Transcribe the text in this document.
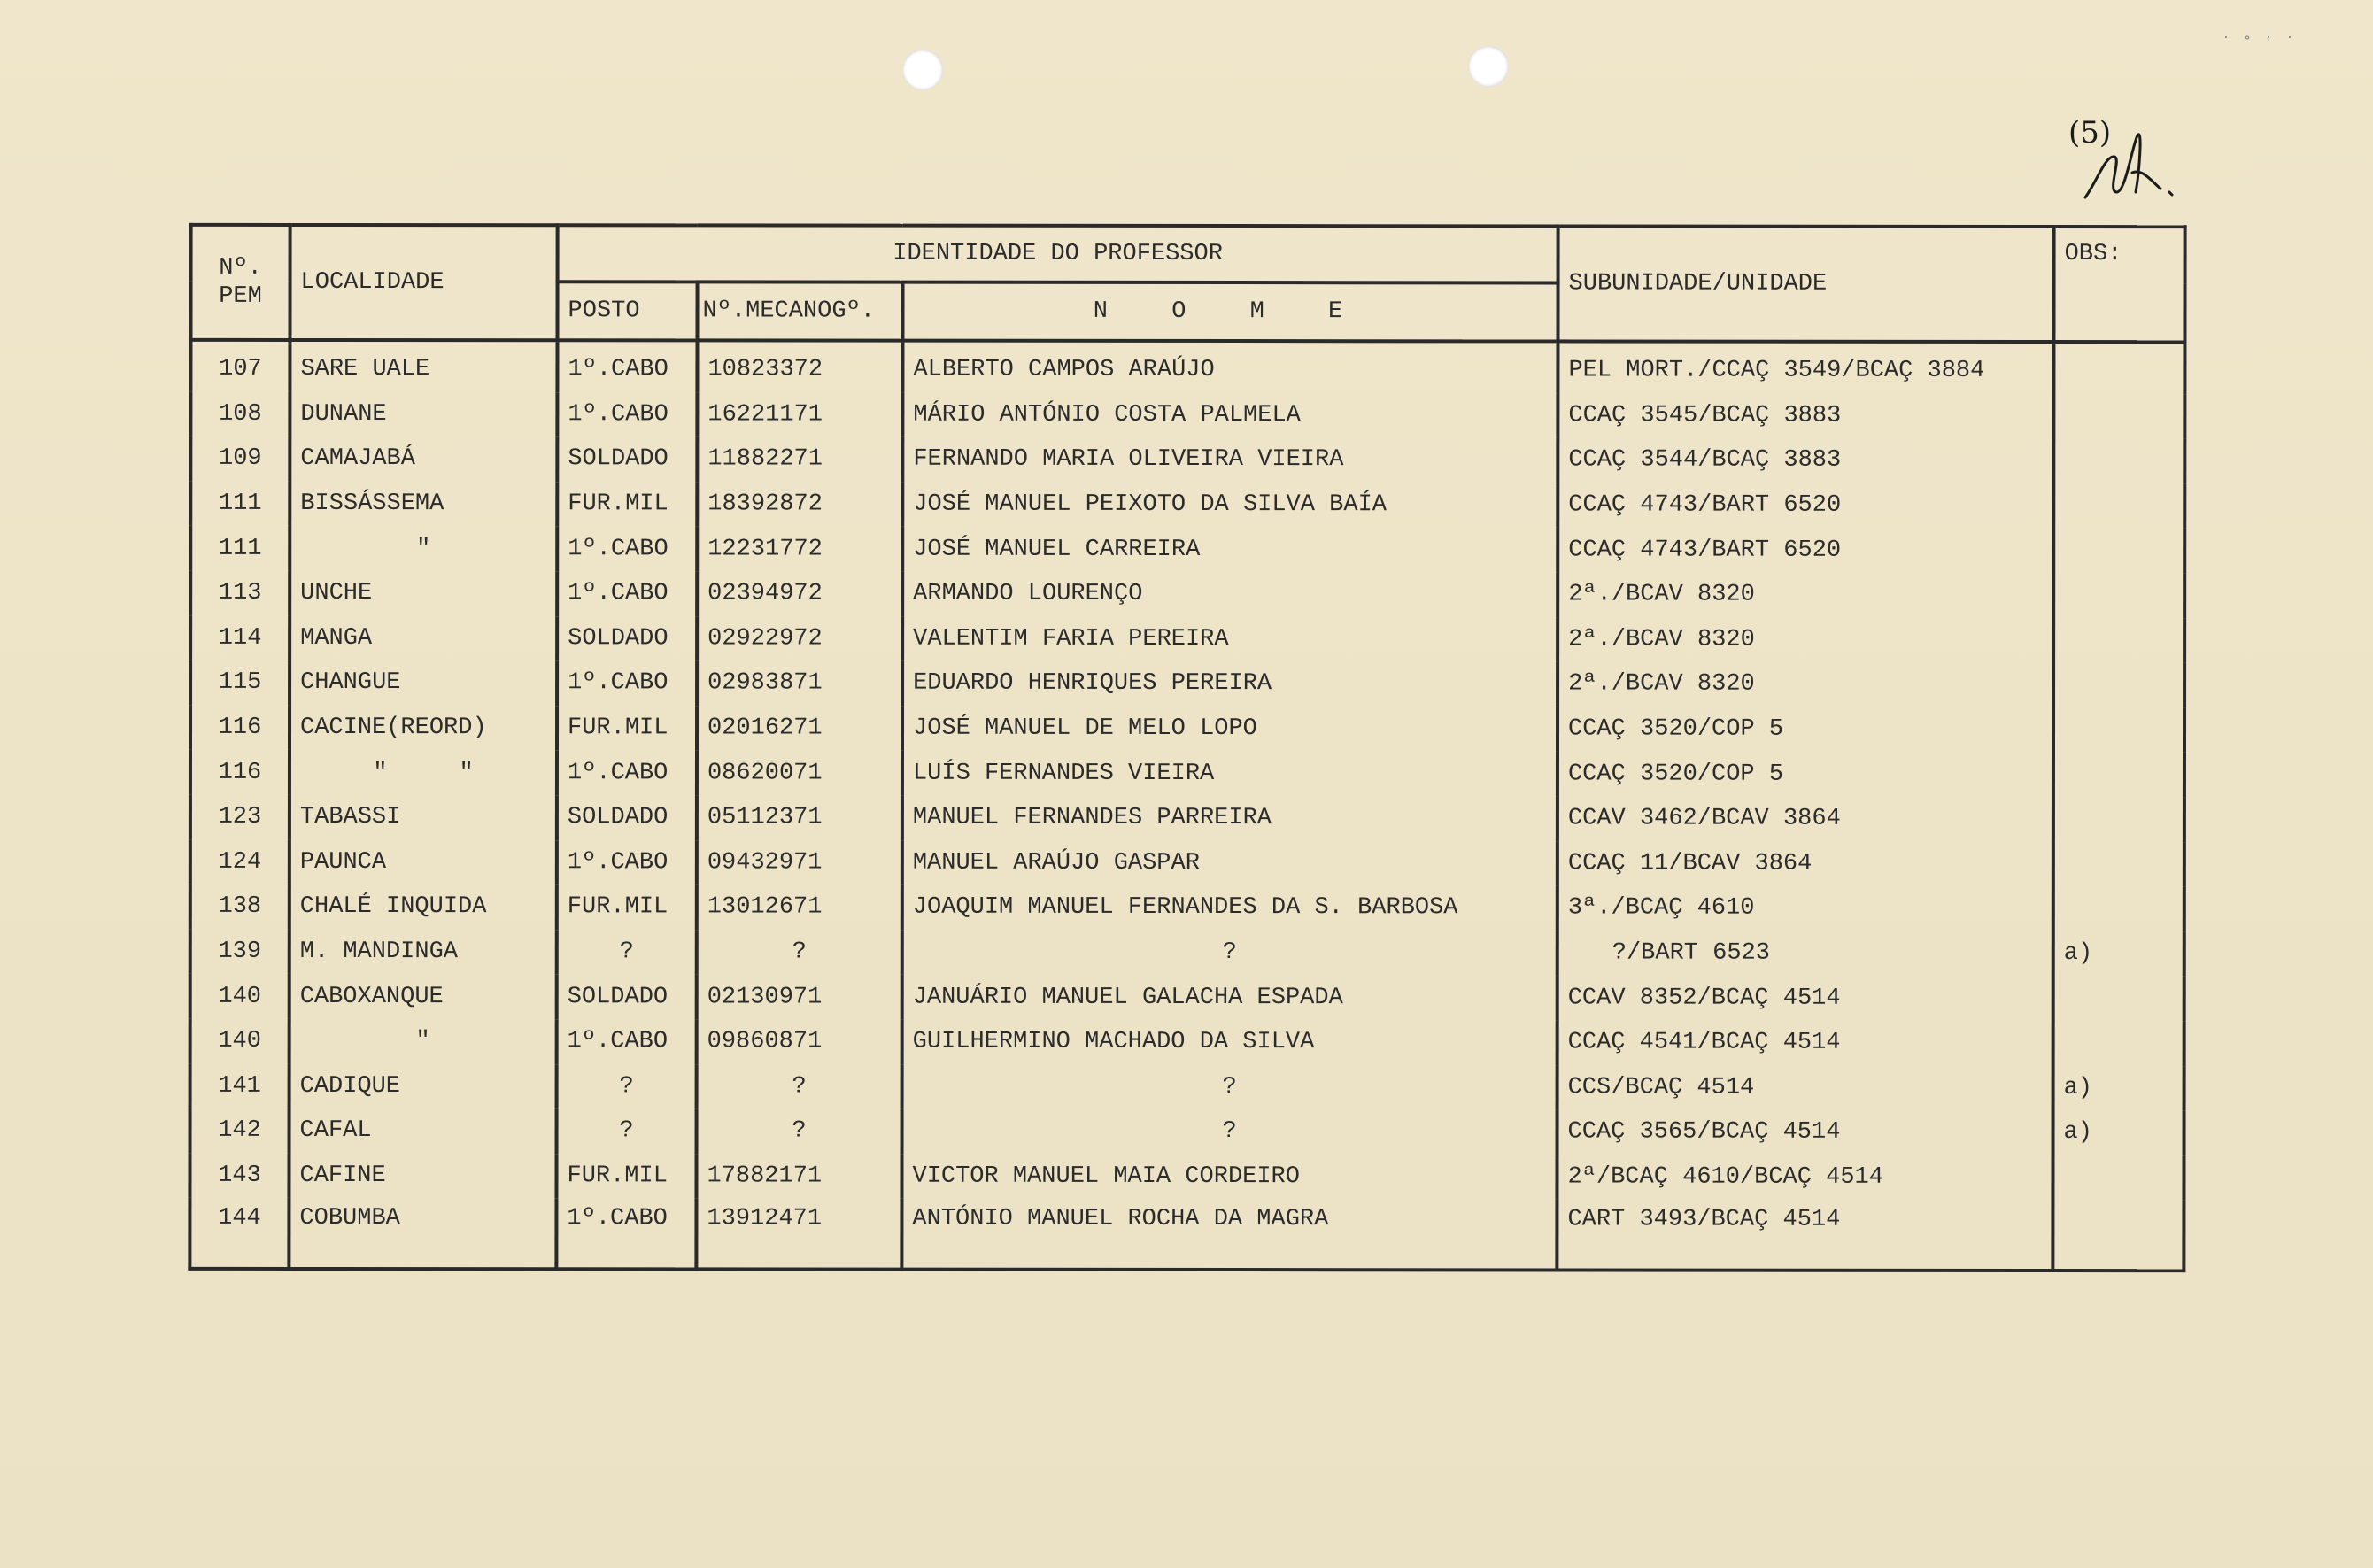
˙ ˚ ʼ ˙
(5)
Nº. PEM	LOCALIDADE	IDENTIDADE DO PROFESSOR			SUBUNIDADE/UNIDADE	OBS:
		POSTO	Nº.MECANOGº.	N O M E		
107	SARE UALE	1º.CABO	10823372	ALBERTO CAMPOS ARAÚJO	PEL MORT./CCAÇ 3549/BCAÇ 3884	
108	DUNANE	1º.CABO	16221171	MÁRIO ANTÓNIO COSTA PALMELA	CCAÇ 3545/BCAÇ 3883	
109	CAMAJABÁ	SOLDADO	11882271	FERNANDO MARIA OLIVEIRA VIEIRA	CCAÇ 3544/BCAÇ 3883	
111	BISSÁSSEMA	FUR.MIL	18392872	JOSÉ MANUEL PEIXOTO DA SILVA BAÍA	CCAÇ 4743/BART 6520	
111	"	1º.CABO	12231772	JOSÉ MANUEL CARREIRA	CCAÇ 4743/BART 6520	
113	UNCHE	1º.CABO	02394972	ARMANDO LOURENÇO	2ª./BCAV 8320	
114	MANGA	SOLDADO	02922972	VALENTIM FARIA PEREIRA	2ª./BCAV 8320	
115	CHANGUE	1º.CABO	02983871	EDUARDO HENRIQUES PEREIRA	2ª./BCAV 8320	
116	CACINE(REORD)	FUR.MIL	02016271	JOSÉ MANUEL DE MELO LOPO	CCAÇ 3520/COP 5	
116	"     "	1º.CABO	08620071	LUÍS FERNANDES VIEIRA	CCAÇ 3520/COP 5	
123	TABASSI	SOLDADO	05112371	MANUEL FERNANDES PARREIRA	CCAV 3462/BCAV 3864	
124	PAUNCA	1º.CABO	09432971	MANUEL ARAÚJO GASPAR	CCAÇ 11/BCAV 3864	
138	CHALÉ INQUIDA	FUR.MIL	13012671	JOAQUIM MANUEL FERNANDES DA S. BARBOSA	3ª./BCAÇ 4610	
139	M. MANDINGA	?	?	?	?/BART 6523	a)
140	CABOXANQUE	SOLDADO	02130971	JANUÁRIO MANUEL GALACHA ESPADA	CCAV 8352/BCAÇ 4514	
140	"	1º.CABO	09860871	GUILHERMINO MACHADO DA SILVA	CCAÇ 4541/BCAÇ 4514	
141	CADIQUE	?	?	?	CCS/BCAÇ 4514	a)
142	CAFAL	?	?	?	CCAÇ 3565/BCAÇ 4514	a)
143	CAFINE	FUR.MIL	17882171	VICTOR MANUEL MAIA CORDEIRO	2ª/BCAÇ 4610/BCAÇ 4514	
144	COBUMBA	1º.CABO	13912471	ANTÓNIO MANUEL ROCHA DA MAGRA	CART 3493/BCAÇ 4514	
